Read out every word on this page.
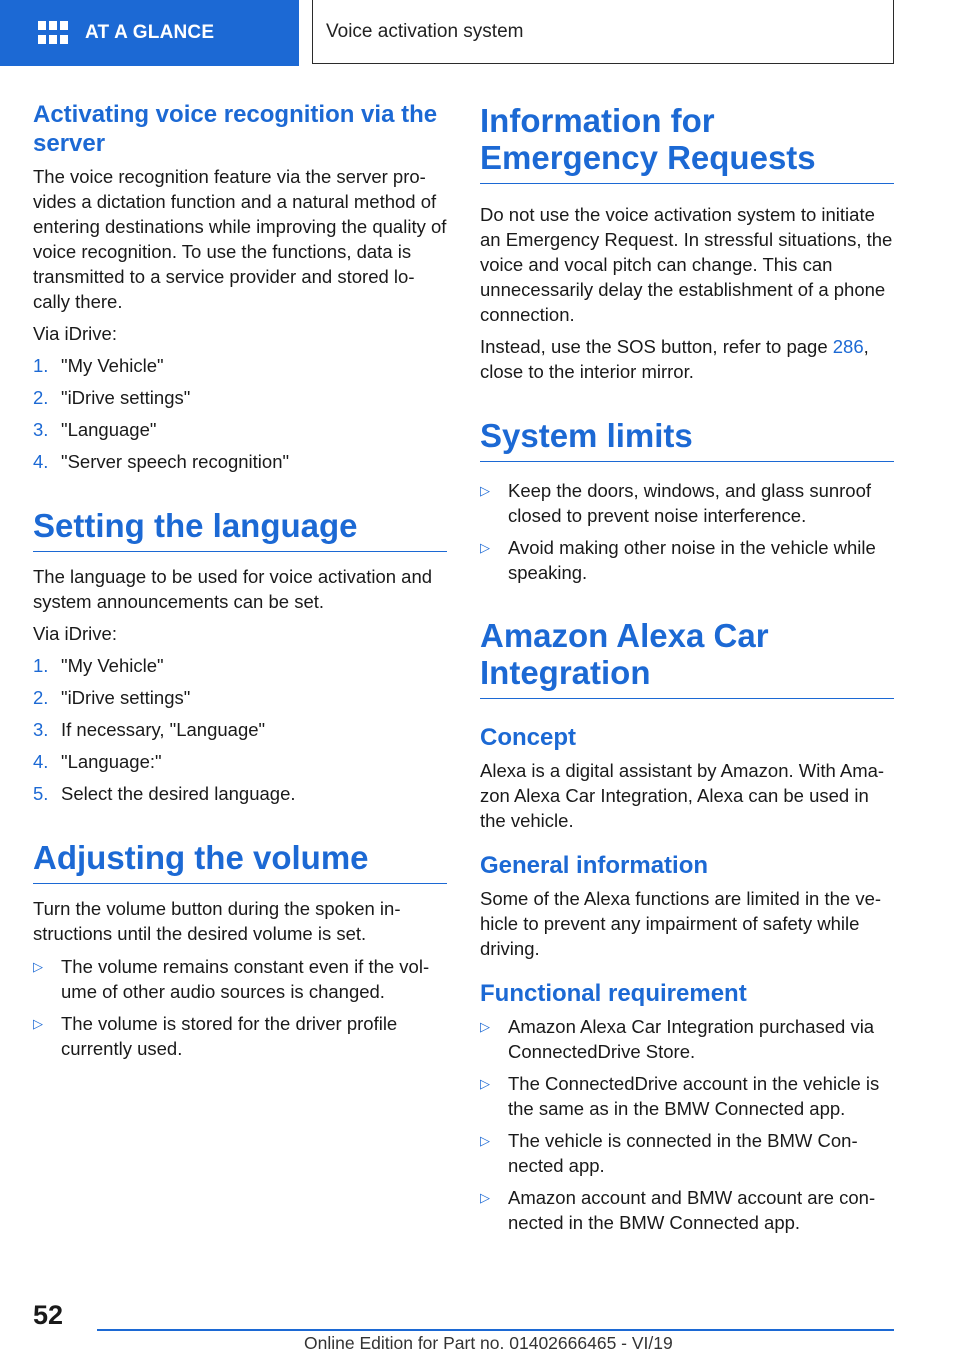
AT A GLANCE	Voice activation system
Activating voice recognition via the server
The voice recognition feature via the server pro-vides a dictation function and a natural method of entering destinations while improving the quality of voice recognition. To use the functions, data is transmitted to a service provider and stored lo-cally there.
Via iDrive:
1. "My Vehicle"
2. "iDrive settings"
3. "Language"
4. "Server speech recognition"
Setting the language
The language to be used for voice activation and system announcements can be set.
Via iDrive:
1. "My Vehicle"
2. "iDrive settings"
3. If necessary, "Language"
4. "Language:"
5. Select the desired language.
Adjusting the volume
Turn the volume button during the spoken in-structions until the desired volume is set.
▷ The volume remains constant even if the vol-ume of other audio sources is changed.
▷ The volume is stored for the driver profile currently used.
Information for Emergency Requests
Do not use the voice activation system to initiate an Emergency Request. In stressful situations, the voice and vocal pitch can change. This can unnecessarily delay the establishment of a phone connection.
Instead, use the SOS button, refer to page 286, close to the interior mirror.
System limits
▷ Keep the doors, windows, and glass sunroof closed to prevent noise interference.
▷ Avoid making other noise in the vehicle while speaking.
Amazon Alexa Car Integration
Concept
Alexa is a digital assistant by Amazon. With Ama-zon Alexa Car Integration, Alexa can be used in the vehicle.
General information
Some of the Alexa functions are limited in the ve-hicle to prevent any impairment of safety while driving.
Functional requirement
▷ Amazon Alexa Car Integration purchased via ConnectedDrive Store.
▷ The ConnectedDrive account in the vehicle is the same as in the BMW Connected app.
▷ The vehicle is connected in the BMW Con-nected app.
▷ Amazon account and BMW account are con-nected in the BMW Connected app.
52
Online Edition for Part no. 01402666465 - VI/19
